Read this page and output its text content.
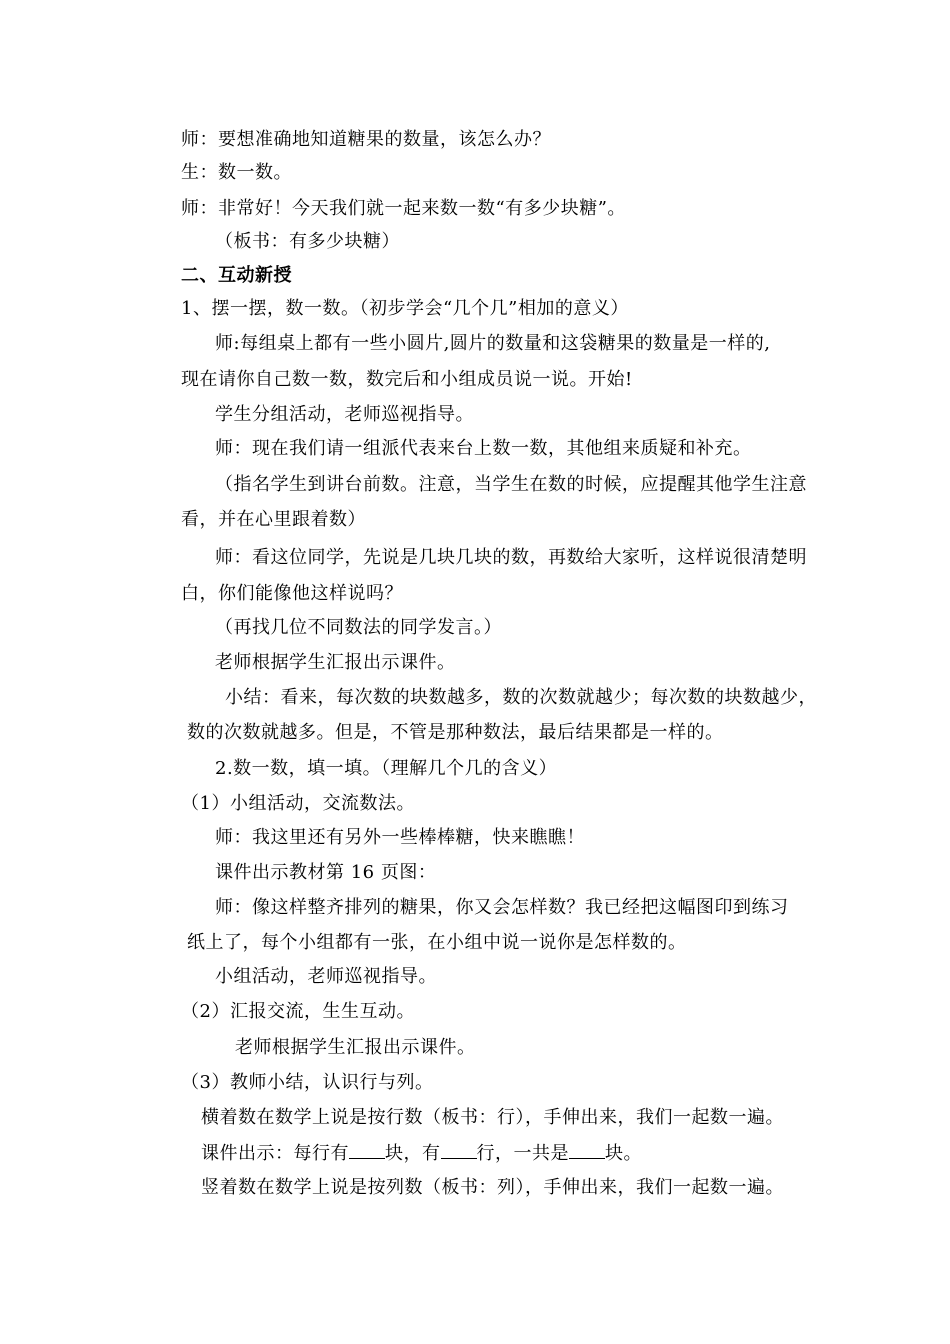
师：要想准确地知道糖果的数量，该怎么办？
生：数一数。
师：非常好！今天我们就一起来数一数“有多少块糖”。
（板书：有多少块糖）
二、互动新授
1、摆一摆，数一数。（初步学会“几个几”相加的意义）
师:每组桌上都有一些小圆片,圆片的数量和这袋糖果的数量是一样的,
现在请你自己数一数，数完后和小组成员说一说。开始!
学生分组活动，老师巡视指导。
师：现在我们请一组派代表来台上数一数，其他组来质疑和补充。
（指名学生到讲台前数。注意，当学生在数的时候，应提醒其他学生注意
看，并在心里跟着数）
师：看这位同学，先说是几块几块的数，再数给大家听，这样说很清楚明
白，你们能像他这样说吗？
（再找几位不同数法的同学发言。）
老师根据学生汇报出示课件。
小结：看来，每次数的块数越多，数的次数就越少；每次数的块数越少，
数的次数就越多。但是，不管是那种数法，最后结果都是一样的。
2.数一数，填一填。（理解几个几的含义）
（1）小组活动，交流数法。
师：我这里还有另外一些棒棒糖，快来瞧瞧！
课件出示教材第 16 页图：
师：像这样整齐排列的糖果，你又会怎样数？我已经把这幅图印到练习
纸上了，每个小组都有一张，在小组中说一说你是怎样数的。
小组活动，老师巡视指导。
（2）汇报交流，生生互动。
老师根据学生汇报出示课件。
（3）教师小结，认识行与列。
横着数在数学上说是按行数（板书：行），手伸出来，我们一起数一遍。
课件出示：每行有 块，有 行，一共是 块。
竖着数在数学上说是按列数（板书：列），手伸出来，我们一起数一遍。
